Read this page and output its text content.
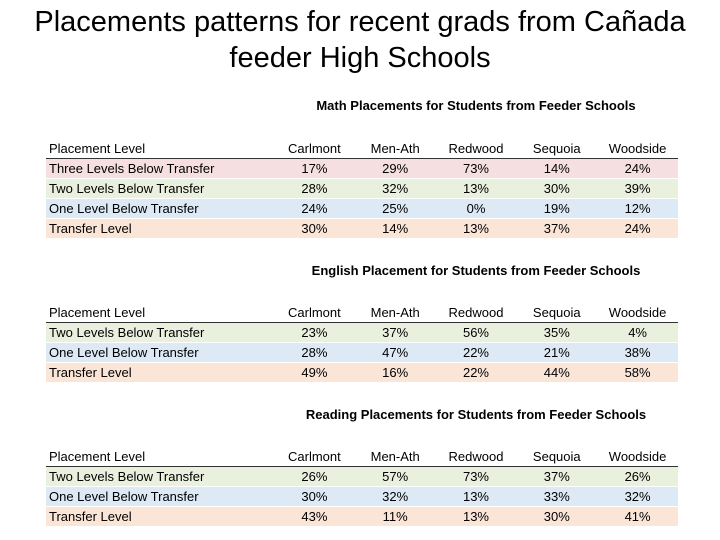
Placements patterns for recent grads from Cañada
feeder High Schools
Math Placements for Students from Feeder Schools
Placement Level	Carlmont	Men-Ath	Redwood	Sequoia	Woodside
Three Levels Below Transfer	17%	29%	73%	14%	24%
Two Levels Below Transfer	28%	32%	13%	30%	39%
One Level Below Transfer	24%	25%	0%	19%	12%
Transfer Level	30%	14%	13%	37%	24%
English Placement for Students from Feeder Schools
Placement Level	Carlmont	Men-Ath	Redwood	Sequoia	Woodside
Two Levels Below Transfer	23%	37%	56%	35%	4%
One Level Below Transfer	28%	47%	22%	21%	38%
Transfer Level	49%	16%	22%	44%	58%
Reading Placements for Students from Feeder Schools
Placement Level	Carlmont	Men-Ath	Redwood	Sequoia	Woodside
Two Levels Below Transfer	26%	57%	73%	37%	26%
One Level Below Transfer	30%	32%	13%	33%	32%
Transfer Level	43%	11%	13%	30%	41%
